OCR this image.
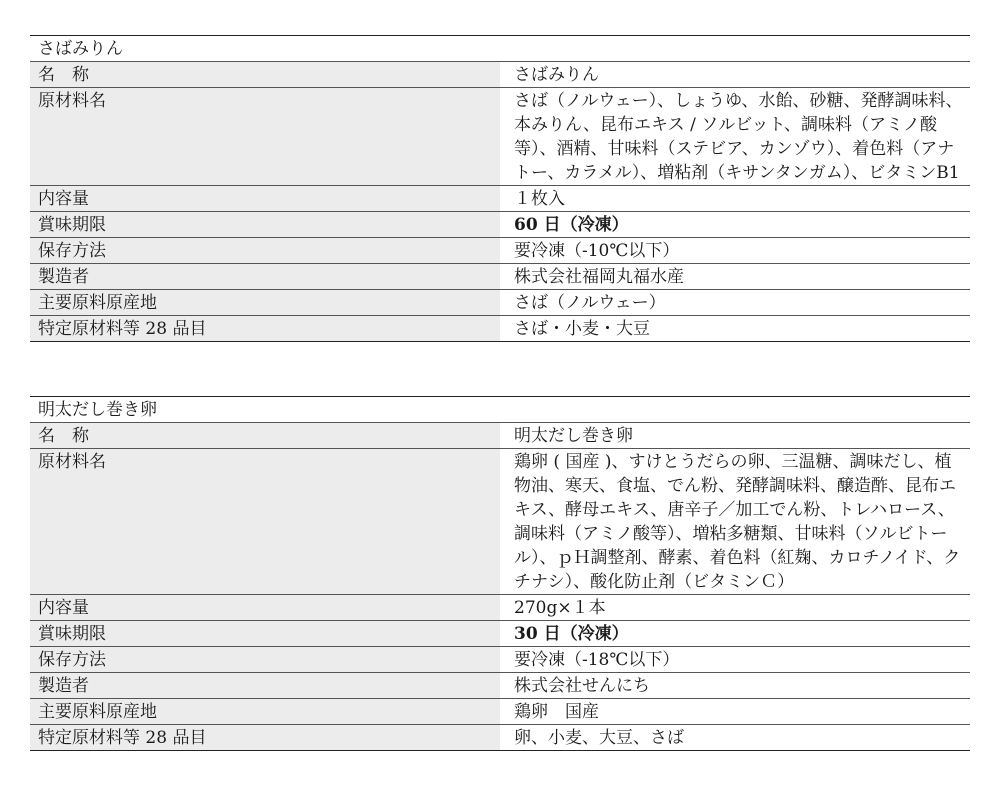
さばみりん	
名　称	さばみりん
原材料名	さば（ノルウェー）、しょうゆ、水飴、砂糖、発酵調味料、本みりん、昆布エキス / ソルビット、調味料（アミノ酸等）、酒精、甘味料（ステビア、カンゾウ）、着色料（アナトー、カラメル）、増粘剤（キサンタンガム）、ビタミンB1
内容量	１枚入
賞味期限	60 日（冷凍）
保存方法	要冷凍（-10℃以下）
製造者	株式会社福岡丸福水産
主要原料原産地	さば（ノルウェー）
特定原材料等 28 品目	さば・小麦・大豆
明太だし巻き卵	
名　称	明太だし巻き卵
原材料名	鶏卵 ( 国産 )、すけとうだらの卵、三温糖、調味だし、植物油、寒天、食塩、でん粉、発酵調味料、醸造酢、昆布エキス、酵母エキス、唐辛子／加工でん粉、トレハロース、調味料（アミノ酸等）、増粘多糖類、甘味料（ソルビトール）、ｐＨ調整剤、酵素、着色料（紅麹、カロチノイド、クチナシ）、酸化防止剤（ビタミンＣ）
内容量	270g×１本
賞味期限	30 日（冷凍）
保存方法	要冷凍（-18℃以下）
製造者	株式会社せんにち
主要原料原産地	鶏卵　国産
特定原材料等 28 品目	卵、小麦、大豆、さば
